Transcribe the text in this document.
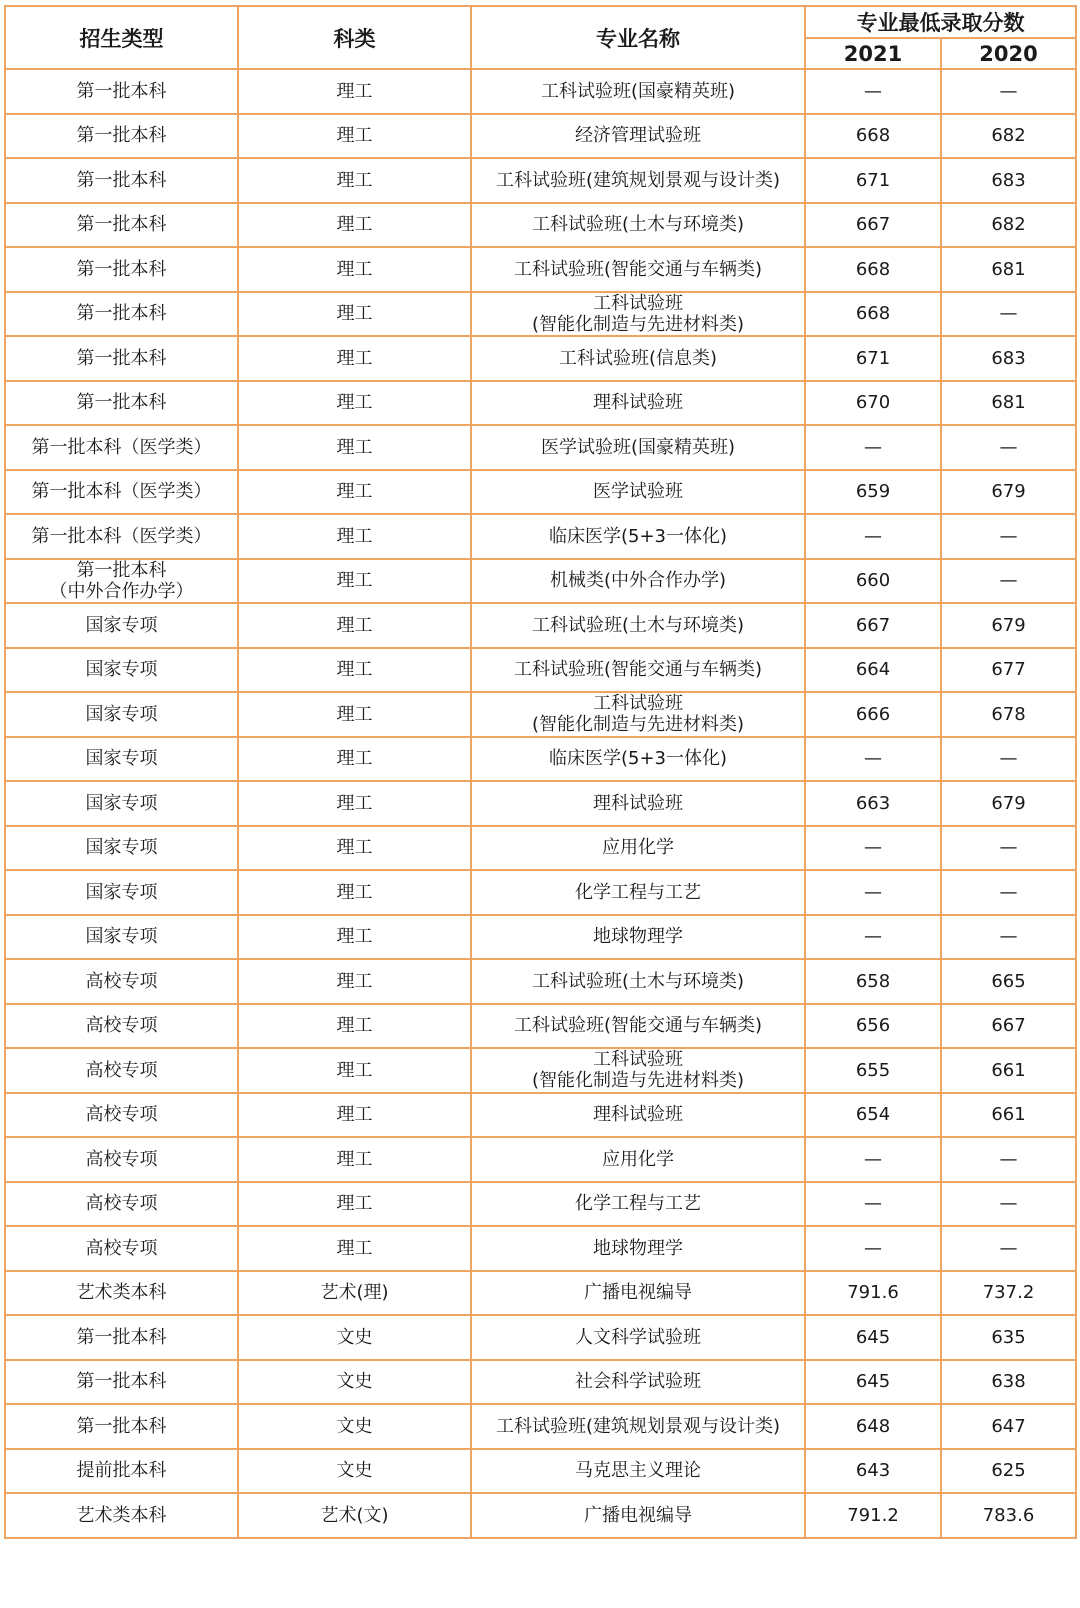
招生类型	科类	专业名称	专业最低录取分数	
			2021	2020

第一批本科	理工	工科试验班(国豪精英班)	—	—

第一批本科	理工	经济管理试验班	668	682

第一批本科	理工	工科试验班(建筑规划景观与设计类)	671	683

第一批本科	理工	工科试验班(土木与环境类)	667	682

第一批本科	理工	工科试验班(智能交通与车辆类)	668	681

第一批本科	理工	工科试验班
(智能化制造与先进材料类)	668	—

第一批本科	理工	工科试验班(信息类)	671	683

第一批本科	理工	理科试验班	670	681

第一批本科（医学类）	理工	医学试验班(国豪精英班)	—	—

第一批本科（医学类）	理工	医学试验班	659	679

第一批本科（医学类）	理工	临床医学(5+3一体化)	—	—

第一批本科
（中外合作办学）	理工	机械类(中外合作办学)	660	—

国家专项	理工	工科试验班(土木与环境类)	667	679

国家专项	理工	工科试验班(智能交通与车辆类)	664	677

国家专项	理工	工科试验班
(智能化制造与先进材料类)	666	678

国家专项	理工	临床医学(5+3一体化)	—	—

国家专项	理工	理科试验班	663	679

国家专项	理工	应用化学	—	—

国家专项	理工	化学工程与工艺	—	—

国家专项	理工	地球物理学	—	—

高校专项	理工	工科试验班(土木与环境类)	658	665

高校专项	理工	工科试验班(智能交通与车辆类)	656	667

高校专项	理工	工科试验班
(智能化制造与先进材料类)	655	661

高校专项	理工	理科试验班	654	661

高校专项	理工	应用化学	—	—

高校专项	理工	化学工程与工艺	—	—

高校专项	理工	地球物理学	—	—

艺术类本科	艺术(理)	广播电视编导	791.6	737.2

第一批本科	文史	人文科学试验班	645	635

第一批本科	文史	社会科学试验班	645	638

第一批本科	文史	工科试验班(建筑规划景观与设计类)	648	647

提前批本科	文史	马克思主义理论	643	625

艺术类本科	艺术(文)	广播电视编导	791.2	783.6
